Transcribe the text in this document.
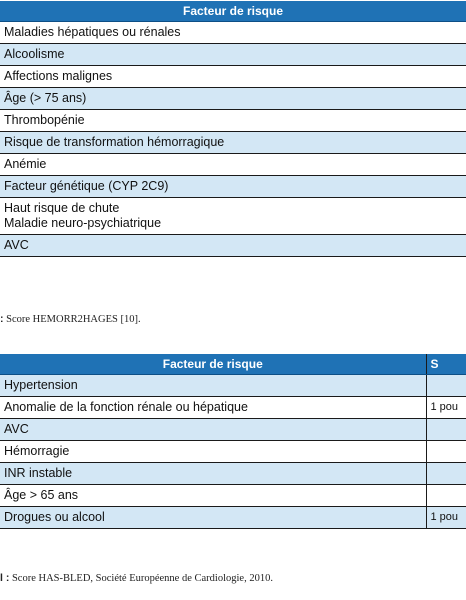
Facteur de risque
Maladies hépatiques ou rénales
Alcoolisme
Affections malignes
Âge (> 75 ans)
Thrombopénie
Risque de transformation hémorragique
Anémie
Facteur génétique (CYP 2C9)

Haut risque de chute
Maladie neuro-psychiatrique

AVC
: Score HEMORR2HAGES [10].
Facteur de risque	S
Hypertension	
Anomalie de la fonction rénale ou hépatique	1 pou
AVC	
Hémorragie	
INR instable	
Âge > 65 ans	
Drogues ou alcool	1 pou
l : Score HAS-BLED, Société Européenne de Cardiologie, 2010.
